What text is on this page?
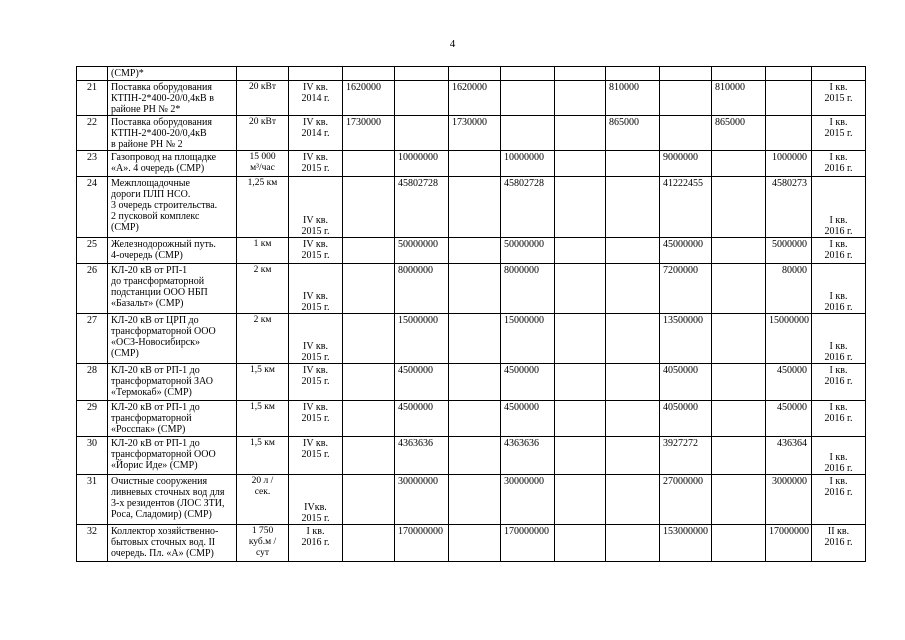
4
	(СМР)*												
21	Поставка оборудования
КТПН-2*400-20/0,4кВ в
районе РН № 2*	20 кВт	IV кв.
2014 г.	1620000		1620000			810000		810000		I кв.
2015 г.

22	Поставка оборудования
КТПН-2*400-20/0,4кВ
в районе РН № 2	20 кВт	IV кв.
2014 г.	1730000		1730000			865000		865000		I кв.
2015 г.

23	Газопровод на площадке
«А». 4 очередь (СМР)	15 000
м³/час	IV кв.
2015 г.		10000000		10000000			9000000		1000000	I кв.
2016 г.

24	Межплощадочные
дороги ПЛП НСО.
3 очередь строительства.
2 пусковой комплекс
(СМР)	1,25 км	IV кв.
2015 г.		45802728		45802728			41222455		4580273	I кв.
2016 г.

25	Железнодорожный путь.
4-очередь (СМР)	1 км	IV кв.
2015 г.		50000000		50000000			45000000		5000000	I кв.
2016 г.

26	КЛ-20 кВ от РП-1
до трансформаторной
подстанции ООО НБП
«Базальт» (СМР)	2 км	IV кв.
2015 г.		8000000		8000000			7200000		80000	I кв.
2016 г.

27	КЛ-20 кВ от ЦРП до
трансформаторной ООО
«ОСЗ-Новосибирск»
(СМР)	2 км	IV кв.
2015 г.		15000000		15000000			13500000		15000000	I кв.
2016 г.

28	КЛ-20 кВ от РП-1 до
трансформаторной ЗАО
«Термокаб» (СМР)	1,5 км	IV кв.
2015 г.		4500000		4500000			4050000		450000	I кв.
2016 г.

29	КЛ-20 кВ от РП-1 до
трансформаторной
«Росспак» (СМР)	1,5 км	IV кв.
2015 г.		4500000		4500000			4050000		450000	I кв.
2016 г.

30	КЛ-20 кВ от РП-1 до
трансформаторной ООО
«Йорис Иде» (СМР)	1,5 км	IV кв.
2015 г.		4363636		4363636			3927272		436364	I кв.
2016 г.

31	Очистные сооружения
ливневых сточных вод для
3-х резидентов (ЛОС ЗТИ,
Роса, Сладомир) (СМР)	20 л /
сек.	IVкв.
2015 г.		30000000		30000000			27000000		3000000	I кв.
2016 г.

32	Коллектор хозяйственно-
бытовых сточных вод. II
очередь. Пл. «А» (СМР)	1 750
куб.м /
сут	I кв.
2016 г.		170000000		170000000			153000000		17000000	II кв.
2016 г.
